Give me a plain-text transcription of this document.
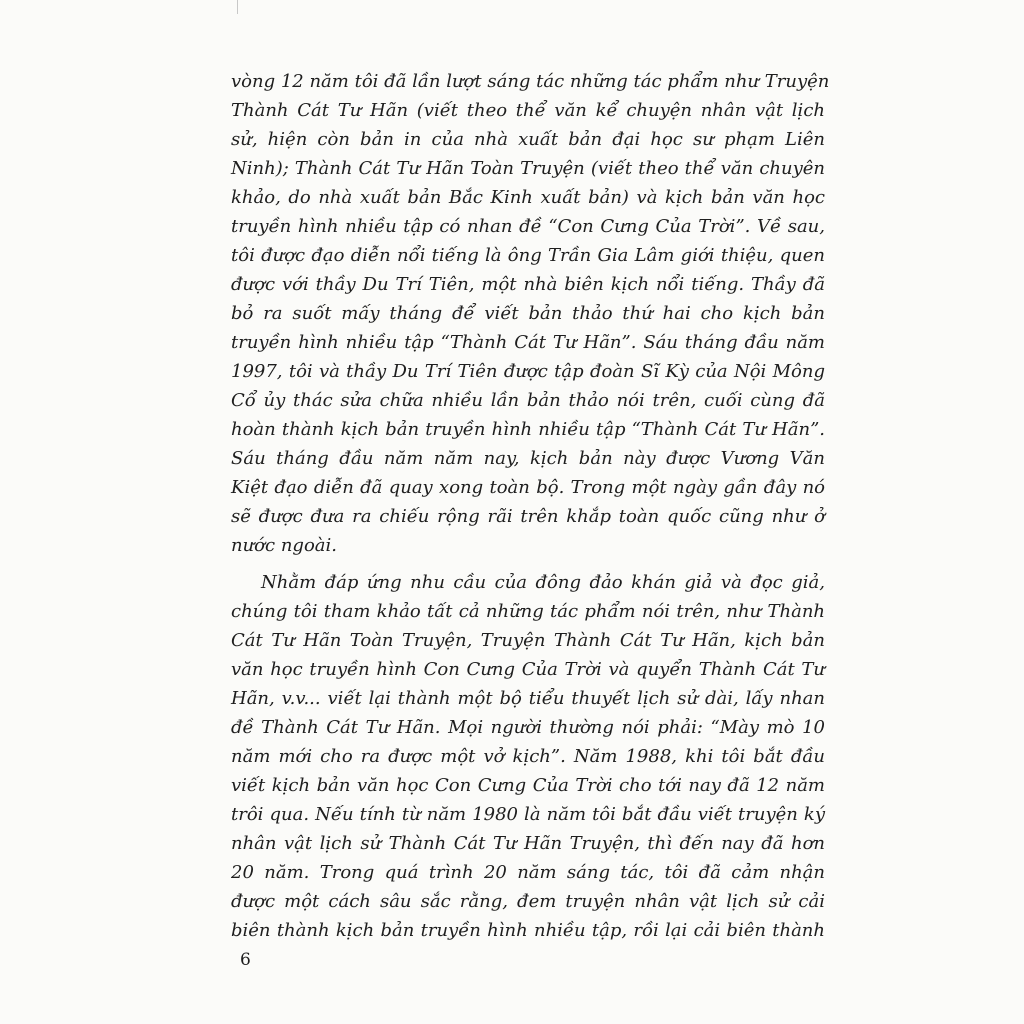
vòng 12 năm tôi đã lần lượt sáng tác những tác phẩm như Truyện
Thành Cát Tư Hãn (viết theo thể văn kể chuyện nhân vật lịch
sử, hiện còn bản in của nhà xuất bản đại học sư phạm Liên
Ninh); Thành Cát Tư Hãn Toàn Truyện (viết theo thể văn chuyên
khảo, do nhà xuất bản Bắc Kinh xuất bản) và kịch bản văn học
truyền hình nhiều tập có nhan đề “Con Cưng Của Trời”. Về sau,
tôi được đạo diễn nổi tiếng là ông Trần Gia Lâm giới thiệu, quen
được với thầy Du Trí Tiên, một nhà biên kịch nổi tiếng. Thầy đã
bỏ ra suốt mấy tháng để viết bản thảo thứ hai cho kịch bản
truyền hình nhiều tập “Thành Cát Tư Hãn”. Sáu tháng đầu năm
1997, tôi và thầy Du Trí Tiên được tập đoàn Sĩ Kỳ của Nội Mông
Cổ ủy thác sửa chữa nhiều lần bản thảo nói trên, cuối cùng đã
hoàn thành kịch bản truyền hình nhiều tập “Thành Cát Tư Hãn”.
Sáu tháng đầu năm năm nay, kịch bản này được Vương Văn
Kiệt đạo diễn đã quay xong toàn bộ. Trong một ngày gần đây nó
sẽ được đưa ra chiếu rộng rãi trên khắp toàn quốc cũng như ở
nước ngoài.
Nhằm đáp ứng nhu cầu của đông đảo khán giả và đọc giả,
chúng tôi tham khảo tất cả những tác phẩm nói trên, như Thành
Cát Tư Hãn Toàn Truyện, Truyện Thành Cát Tư Hãn, kịch bản
văn học truyền hình Con Cưng Của Trời và quyển Thành Cát Tư
Hãn, v.v... viết lại thành một bộ tiểu thuyết lịch sử dài, lấy nhan
đề Thành Cát Tư Hãn. Mọi người thường nói phải: “Mày mò 10
năm mới cho ra được một vở kịch”. Năm 1988, khi tôi bắt đầu
viết kịch bản văn học Con Cưng Của Trời cho tới nay đã 12 năm
trôi qua. Nếu tính từ năm 1980 là năm tôi bắt đầu viết truyện ký
nhân vật lịch sử Thành Cát Tư Hãn Truyện, thì đến nay đã hơn
20 năm. Trong quá trình 20 năm sáng tác, tôi đã cảm nhận
được một cách sâu sắc rằng, đem truyện nhân vật lịch sử cải
biên thành kịch bản truyền hình nhiều tập, rồi lại cải biên thành
6
